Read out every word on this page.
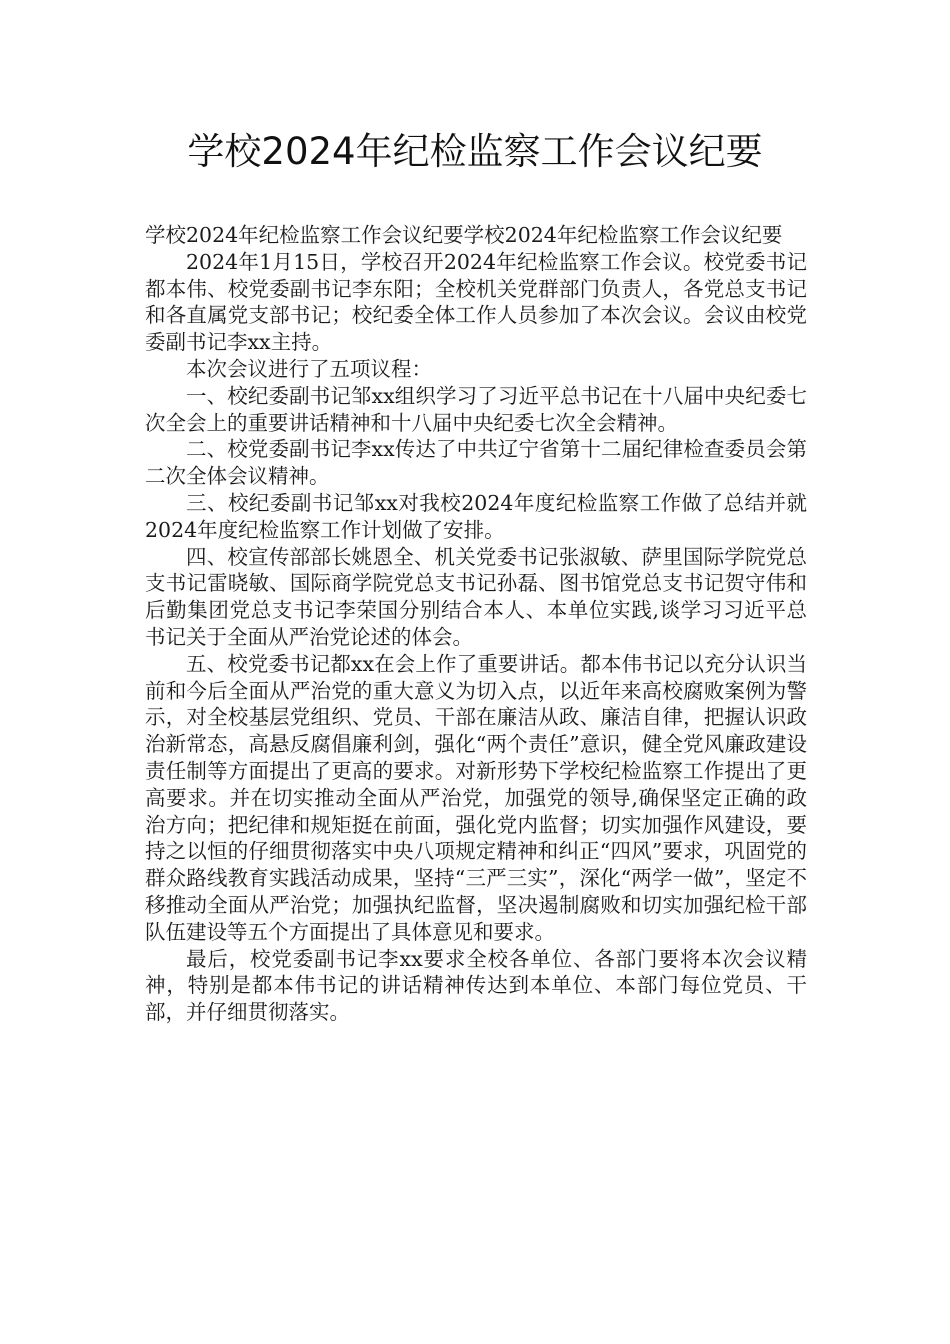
学校2024年纪检监察工作会议纪要

学校2024年纪检监察工作会议纪要学校2024年纪检监察工作会议纪要

2024年1月15日，学校召开2024年纪检监察工作会议。校党委书记都本伟、校党委副书记李东阳；全校机关党群部门负责人，各党总支书记和各直属党支部书记；校纪委全体工作人员参加了本次会议。会议由校党委副书记李xx主持。

本次会议进行了五项议程：

一、校纪委副书记邹xx组织学习了习近平总书记在十八届中央纪委七次全会上的重要讲话精神和十八届中央纪委七次全会精神。

二、校党委副书记李xx传达了中共辽宁省第十二届纪律检查委员会第二次全体会议精神。

三、校纪委副书记邹xx对我校2024年度纪检监察工作做了总结并就2024年度纪检监察工作计划做了安排。

四、校宣传部部长姚恩全、机关党委书记张淑敏、萨里国际学院党总支书记雷晓敏、国际商学院党总支书记孙磊、图书馆党总支书记贺守伟和后勤集团党总支书记李荣国分别结合本人、本单位实践,谈学习习近平总书记关于全面从严治党论述的体会。

五、校党委书记都xx在会上作了重要讲话。都本伟书记以充分认识当前和今后全面从严治党的重大意义为切入点，以近年来高校腐败案例为警示，对全校基层党组织、党员、干部在廉洁从政、廉洁自律，把握认识政治新常态，高悬反腐倡廉利剑，强化“两个责任”意识，健全党风廉政建设责任制等方面提出了更高的要求。对新形势下学校纪检监察工作提出了更高要求。并在切实推动全面从严治党，加强党的领导,确保坚定正确的政治方向；把纪律和规矩挺在前面，强化党内监督；切实加强作风建设，要持之以恒的仔细贯彻落实中央八项规定精神和纠正“四风”要求，巩固党的群众路线教育实践活动成果，坚持“三严三实”，深化“两学一做”，坚定不移推动全面从严治党；加强执纪监督，坚决遏制腐败和切实加强纪检干部队伍建设等五个方面提出了具体意见和要求。

最后，校党委副书记李xx要求全校各单位、各部门要将本次会议精神，特别是都本伟书记的讲话精神传达到本单位、本部门每位党员、干部，并仔细贯彻落实。
